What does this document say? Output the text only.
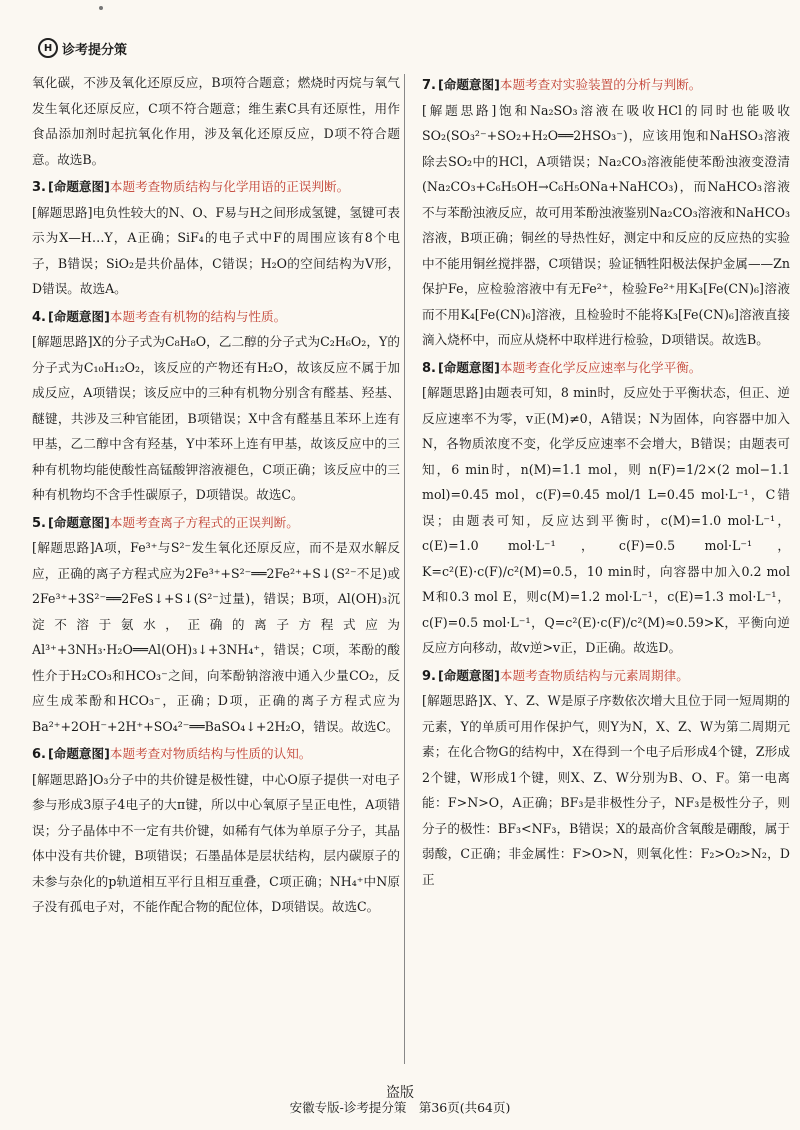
H 诊考提分策

氧化碳，不涉及氧化还原反应，B项符合题意；燃烧时丙烷与氧气发生氧化还原反应，C项不符合题意；维生素C具有还原性，用作食品添加剂时起抗氧化作用，涉及氧化还原反应，D项不符合题意。故选B。

3. [命题意图] 本题考查物质结构与化学用语的正误判断。

[解题思路]电负性较大的N、O、F易与H之间形成氢键，氢键可表示为X—H…Y，A正确；SiF₄的电子式中F的周围应该有8个电子，B错误；SiO₂是共价晶体，C错误；H₂O的空间结构为V形，D错误。故选A。

4. [命题意图] 本题考查有机物的结构与性质。

[解题思路]X的分子式为C₈H₈O，乙二醇的分子式为C₂H₆O₂，Y的分子式为C₁₀H₁₂O₂，该反应的产物还有H₂O，故该反应不属于加成反应，A项错误；该反应中的三种有机物分别含有醛基、羟基、醚键，共涉及三种官能团，B项错误；X中含有醛基且苯环上连有甲基，乙二醇中含有羟基，Y中苯环上连有甲基，故该反应中的三种有机物均能使酸性高锰酸钾溶液褪色，C项正确；该反应中的三种有机物均不含手性碳原子，D项错误。故选C。

5. [命题意图] 本题考查离子方程式的正误判断。

[解题思路]A项，Fe³⁺与S²⁻发生氧化还原反应，而不是双水解反应，正确的离子方程式应为2Fe³⁺+S²⁻══2Fe²⁺+S↓(S²⁻不足)或2Fe³⁺+3S²⁻══2FeS↓+S↓(S²⁻过量)，错误；B项，Al(OH)₃沉淀不溶于氨水，正确的离子方程式应为Al³⁺+3NH₃·H₂O══Al(OH)₃↓+3NH₄⁺，错误；C项，苯酚的酸性介于H₂CO₃和HCO₃⁻之间，向苯酚钠溶液中通入少量CO₂，反应生成苯酚和HCO₃⁻，正确；D项，正确的离子方程式应为Ba²⁺+2OH⁻+2H⁺+SO₄²⁻══BaSO₄↓+2H₂O，错误。故选C。

6. [命题意图] 本题考查对物质结构与性质的认知。

[解题思路]O₃分子中的共价键是极性键，中心O原子提供一对电子参与形成3原子4电子的大π键，所以中心氧原子呈正电性，A项错误；分子晶体中不一定有共价键，如稀有气体为单原子分子，其晶体中没有共价键，B项错误；石墨晶体是层状结构，层内碳原子的未参与杂化的p轨道相互平行且相互重叠，C项正确；NH₄⁺中N原子没有孤电子对，不能作配合物的配位体，D项错误。故选C。

7. [命题意图] 本题考查对实验装置的分析与判断。

[解题思路]饱和Na₂SO₃溶液在吸收HCl的同时也能吸收SO₂(SO₃²⁻+SO₂+H₂O══2HSO₃⁻)，应该用饱和NaHSO₃溶液除去SO₂中的HCl，A项错误；Na₂CO₃溶液能使苯酚浊液变澄清(Na₂CO₃+C₆H₅OH→C₆H₅ONa+NaHCO₃)，而NaHCO₃溶液不与苯酚浊液反应，故可用苯酚浊液鉴别Na₂CO₃溶液和NaHCO₃溶液，B项正确；铜丝的导热性好，测定中和反应的反应热的实验中不能用铜丝搅拌器，C项错误；验证牺牲阳极法保护金属——Zn保护Fe，应检验溶液中有无Fe²⁺，检验Fe²⁺用K₃[Fe(CN)₆]溶液而不用K₄[Fe(CN)₆]溶液，且检验时不能将K₃[Fe(CN)₆]溶液直接滴入烧杯中，而应从烧杯中取样进行检验，D项错误。故选B。

8. [命题意图] 本题考查化学反应速率与化学平衡。

[解题思路]由题表可知，8 min时，反应处于平衡状态，但正、逆反应速率不为零，v正(M)≠0，A错误；N为固体，向容器中加入N，各物质浓度不变，化学反应速率不会增大，B错误；由题表可知，6 min时，n(M)=1.1 mol，则 n(F)=1/2×(2 mol−1.1 mol)=0.45 mol，c(F)=0.45 mol/1 L=0.45 mol·L⁻¹，C错误；由题表可知，反应达到平衡时，c(M)=1.0 mol·L⁻¹，c(E)=1.0 mol·L⁻¹，c(F)=0.5 mol·L⁻¹，K=c²(E)·c(F)/c²(M)=0.5，10 min时，向容器中加入0.2 mol M和0.3 mol E，则c(M)=1.2 mol·L⁻¹，c(E)=1.3 mol·L⁻¹，c(F)=0.5 mol·L⁻¹，Q=c²(E)·c(F)/c²(M)≈0.59>K，平衡向逆反应方向移动，故v逆>v正，D正确。故选D。

9. [命题意图] 本题考查物质结构与元素周期律。

[解题思路]X、Y、Z、W是原子序数依次增大且位于同一短周期的元素，Y的单质可用作保护气，则Y为N，X、Z、W为第二周期元素；在化合物G的结构中，X在得到一个电子后形成4个键，Z形成2个键，W形成1个键，则X、Z、W分别为B、O、F。第一电离能：F>N>O，A正确；BF₃是非极性分子，NF₃是极性分子，则分子的极性：BF₃<NF₃，B错误；X的最高价含氧酸是硼酸，属于弱酸，C正确；非金属性：F>O>N，则氧化性：F₂>O₂>N₂，D正

盗版
安徽专版-诊考提分策　第36页(共64页)
